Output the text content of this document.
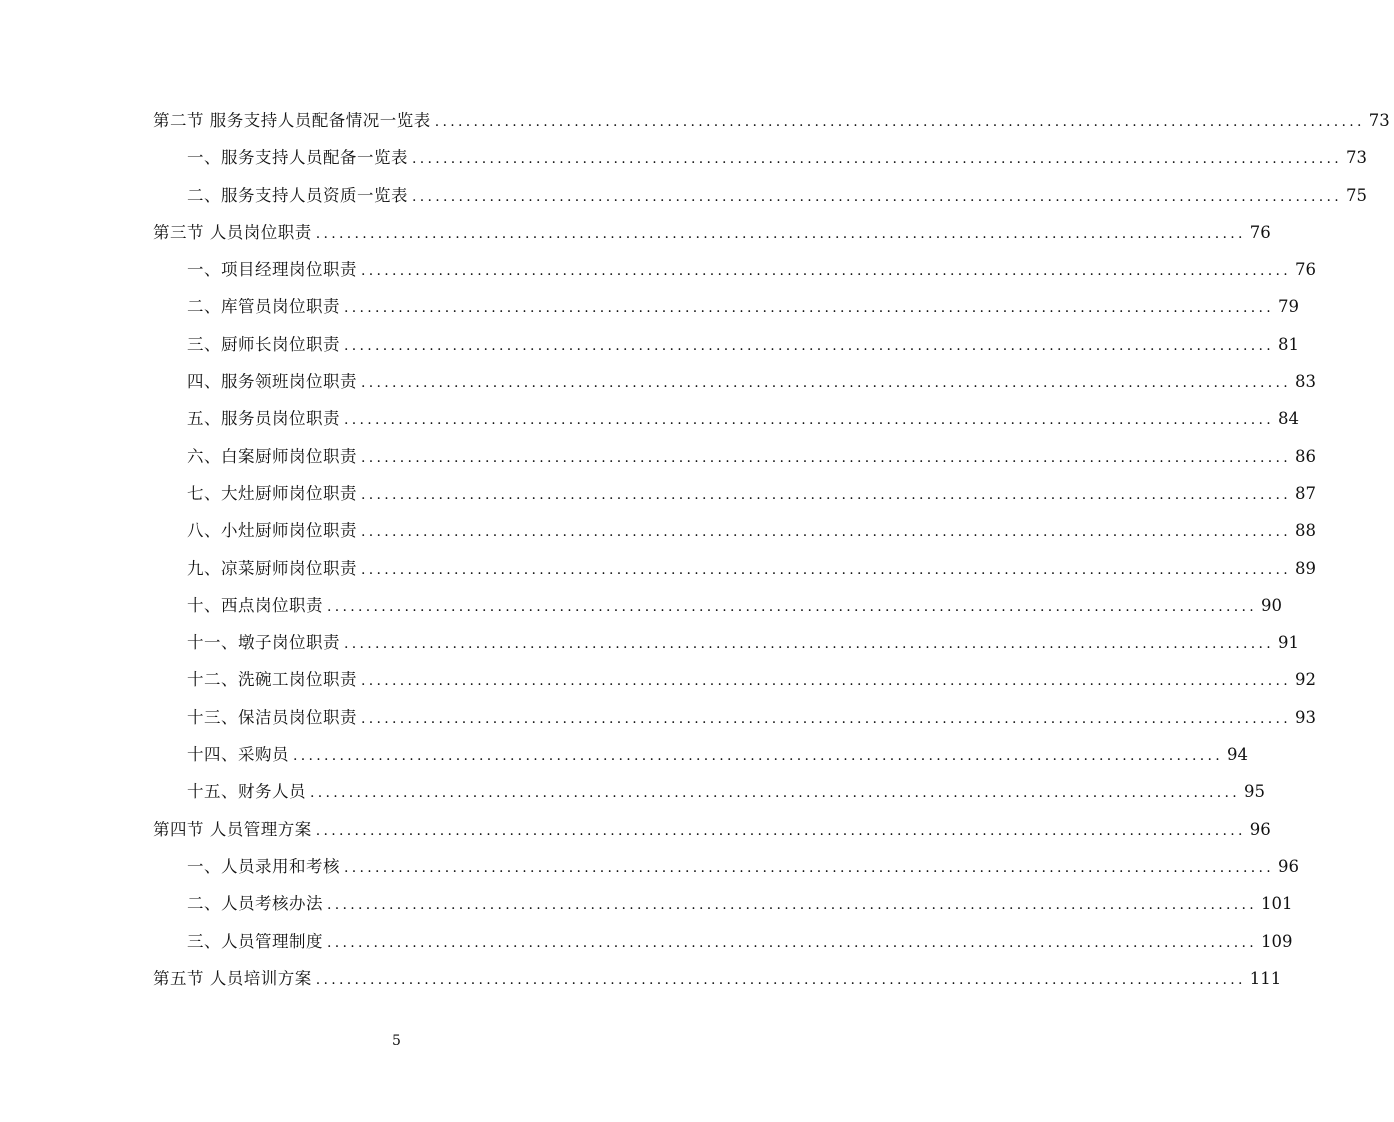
第二节 服务支持人员配备情况一览表 ........................................................................................................................ 73
一、服务支持人员配备一览表 ........................................................................................................................ 73
二、服务支持人员资质一览表 ........................................................................................................................ 75
第三节 人员岗位职责 ........................................................................................................................ 76
一、项目经理岗位职责 ........................................................................................................................ 76
二、库管员岗位职责 ........................................................................................................................ 79
三、厨师长岗位职责 ........................................................................................................................ 81
四、服务领班岗位职责 ........................................................................................................................ 83
五、服务员岗位职责 ........................................................................................................................ 84
六、白案厨师岗位职责 ........................................................................................................................ 86
七、大灶厨师岗位职责 ........................................................................................................................ 87
八、小灶厨师岗位职责 ........................................................................................................................ 88
九、凉菜厨师岗位职责 ........................................................................................................................ 89
十、西点岗位职责 ........................................................................................................................ 90
十一、墩子岗位职责 ........................................................................................................................ 91
十二、洗碗工岗位职责 ........................................................................................................................ 92
十三、保洁员岗位职责 ........................................................................................................................ 93
十四、采购员 ........................................................................................................................ 94
十五、财务人员 ........................................................................................................................ 95
第四节 人员管理方案 ........................................................................................................................ 96
一、人员录用和考核 ........................................................................................................................ 96
二、人员考核办法 ........................................................................................................................ 101
三、人员管理制度 ........................................................................................................................ 109
第五节 人员培训方案 ........................................................................................................................ 111
5
